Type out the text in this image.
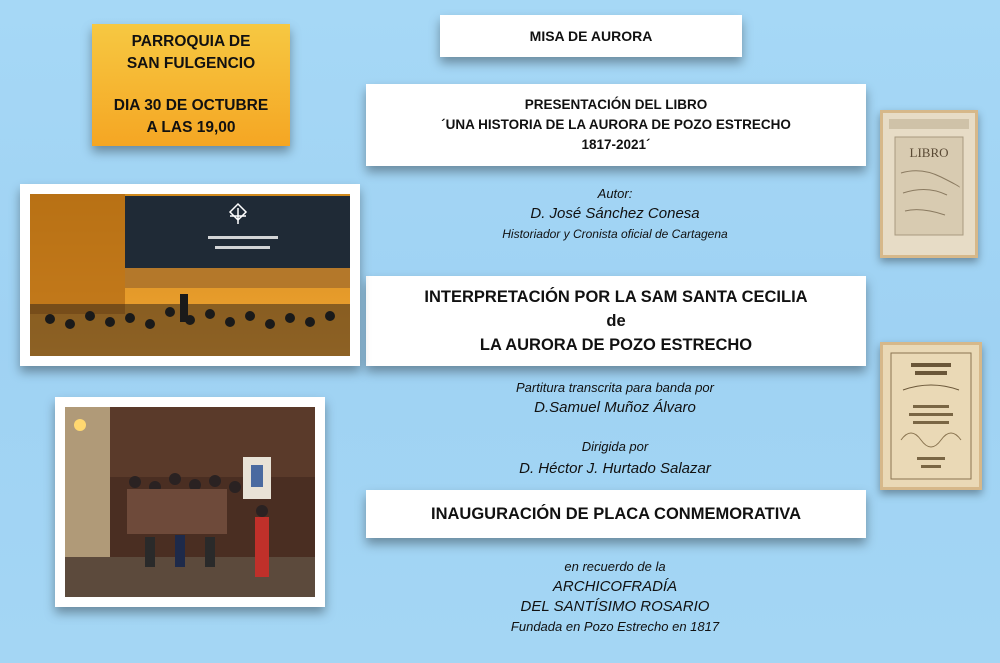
PARROQUIA DE
SAN FULGENCIO
DIA 30 DE OCTUBRE
A LAS 19,00
MISA DE AURORA
PRESENTACIÓN DEL LIBRO
´UNA HISTORIA DE LA AURORA DE POZO ESTRECHO
1817-2021´
Autor:
D. José Sánchez Conesa
Historiador y Cronista oficial de Cartagena
INTERPRETACIÓN POR LA SAM SANTA CECILIA
de
LA AURORA DE POZO ESTRECHO
Partitura transcrita para banda por
D.Samuel Muñoz Álvaro
Dirigida por
D. Héctor J. Hurtado Salazar
INAUGURACIÓN DE PLACA CONMEMORATIVA
en recuerdo de la
ARCHICOFRADÍA
DEL SANTÍSIMO ROSARIO
Fundada en Pozo Estrecho en 1817
LIBRO
